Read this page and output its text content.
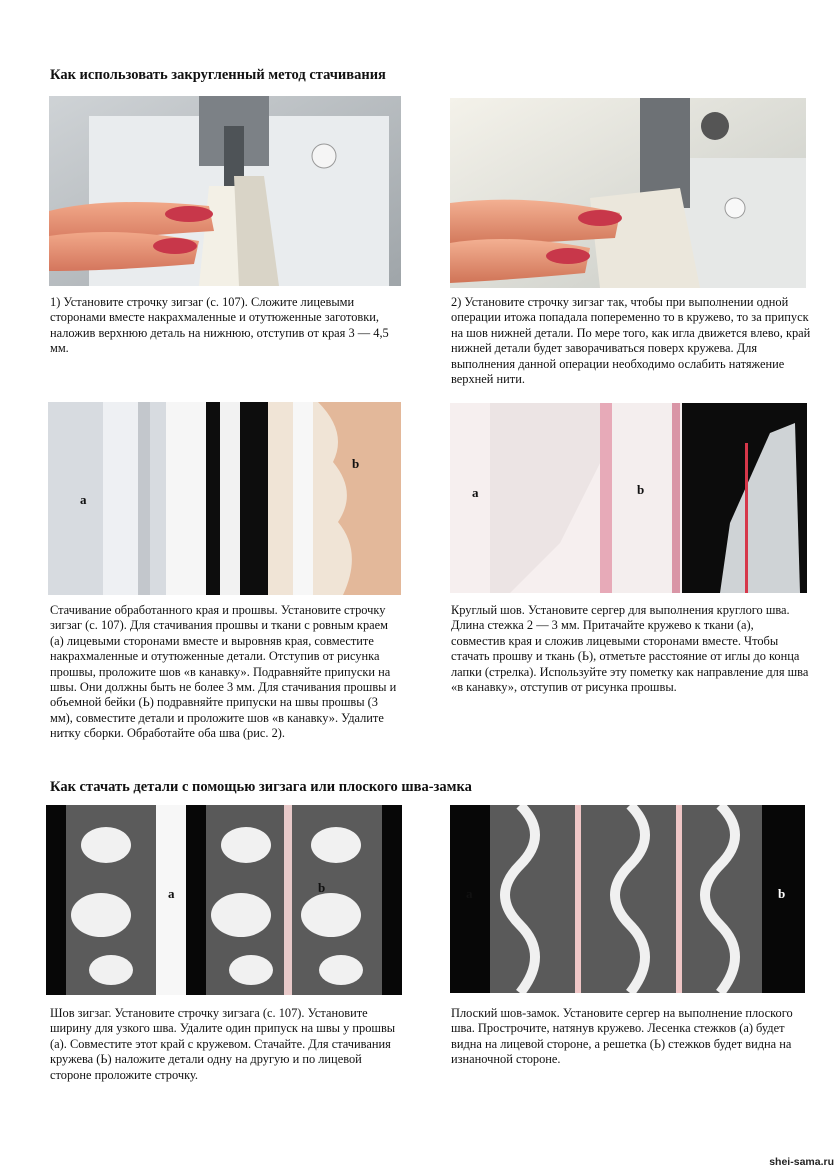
Как использовать закругленный метод стачивания

1) Установите строчку зигзаг (с. 107). Сложите лицевыми сторонами вместе накрахмаленные и отутюженные заготовки, наложив верхнюю деталь на нижнюю, отступив от края 3 — 4,5 мм.

2) Установите строчку зигзаг так, чтобы при выполнении одной операции итожа попадала попеременно то в кружево, то за припуск на шов нижней детали. По мере того, как игла движется влево, край нижней детали будет заворачиваться поверх кружева. Для выполнения данной операции необходимо ослабить натяжение верхней нити.

a
b
a	b

Стачивание обработанного края и прошвы. Установите строчку зигзаг (с. 107). Для стачивания прошвы и ткани с ровным краем (а) лицевыми сторонами вместе и выровняв края, совместите накрахмаленные и отутюженные детали. Отступив от рисунка прошвы, проложите шов «в канавку». Подравняйте припуски на швы. Они должны быть не более 3 мм. Для стачивания прошвы и объемной бейки (Ь) подравняйте припуски на швы прошвы (3 мм), совместите детали и проложите шов «в канавку». Удалите нитку сборки. Обработайте оба шва (рис. 2).

Круглый шов. Установите сергер для выполнения круглого шва. Длина стежка 2 — 3 мм. Притачайте кружево к ткани (а), совместив края и сложив лицевыми сторонами вместе. Чтобы стачать прошву и ткань (Ь), отметьте расстояние от иглы до конца лапки (стрелка). Используйте эту пометку как направление для шва «в канавку», отступив от рисунка прошвы.

Как стачать детали с помощью зигзага или плоского шва-замка
a	b	a	b

Шов зигзаг. Установите строчку зигзага (с. 107). Установите ширину для узкого шва. Удалите один припуск на швы у прошвы (а). Совместите этот край с кружевом. Стачайте. Для стачивания кружева (Ь) наложите детали одну на другую и по лицевой стороне проложите строчку.

Плоский шов-замок. Установите сергер на выполнение плоского шва. Прострочите, натянув кружево. Лесенка стежков (а) будет видна на лицевой стороне, а решетка (Ь) стежков будет видна на изнаночной стороне.

shei-sama.ru
